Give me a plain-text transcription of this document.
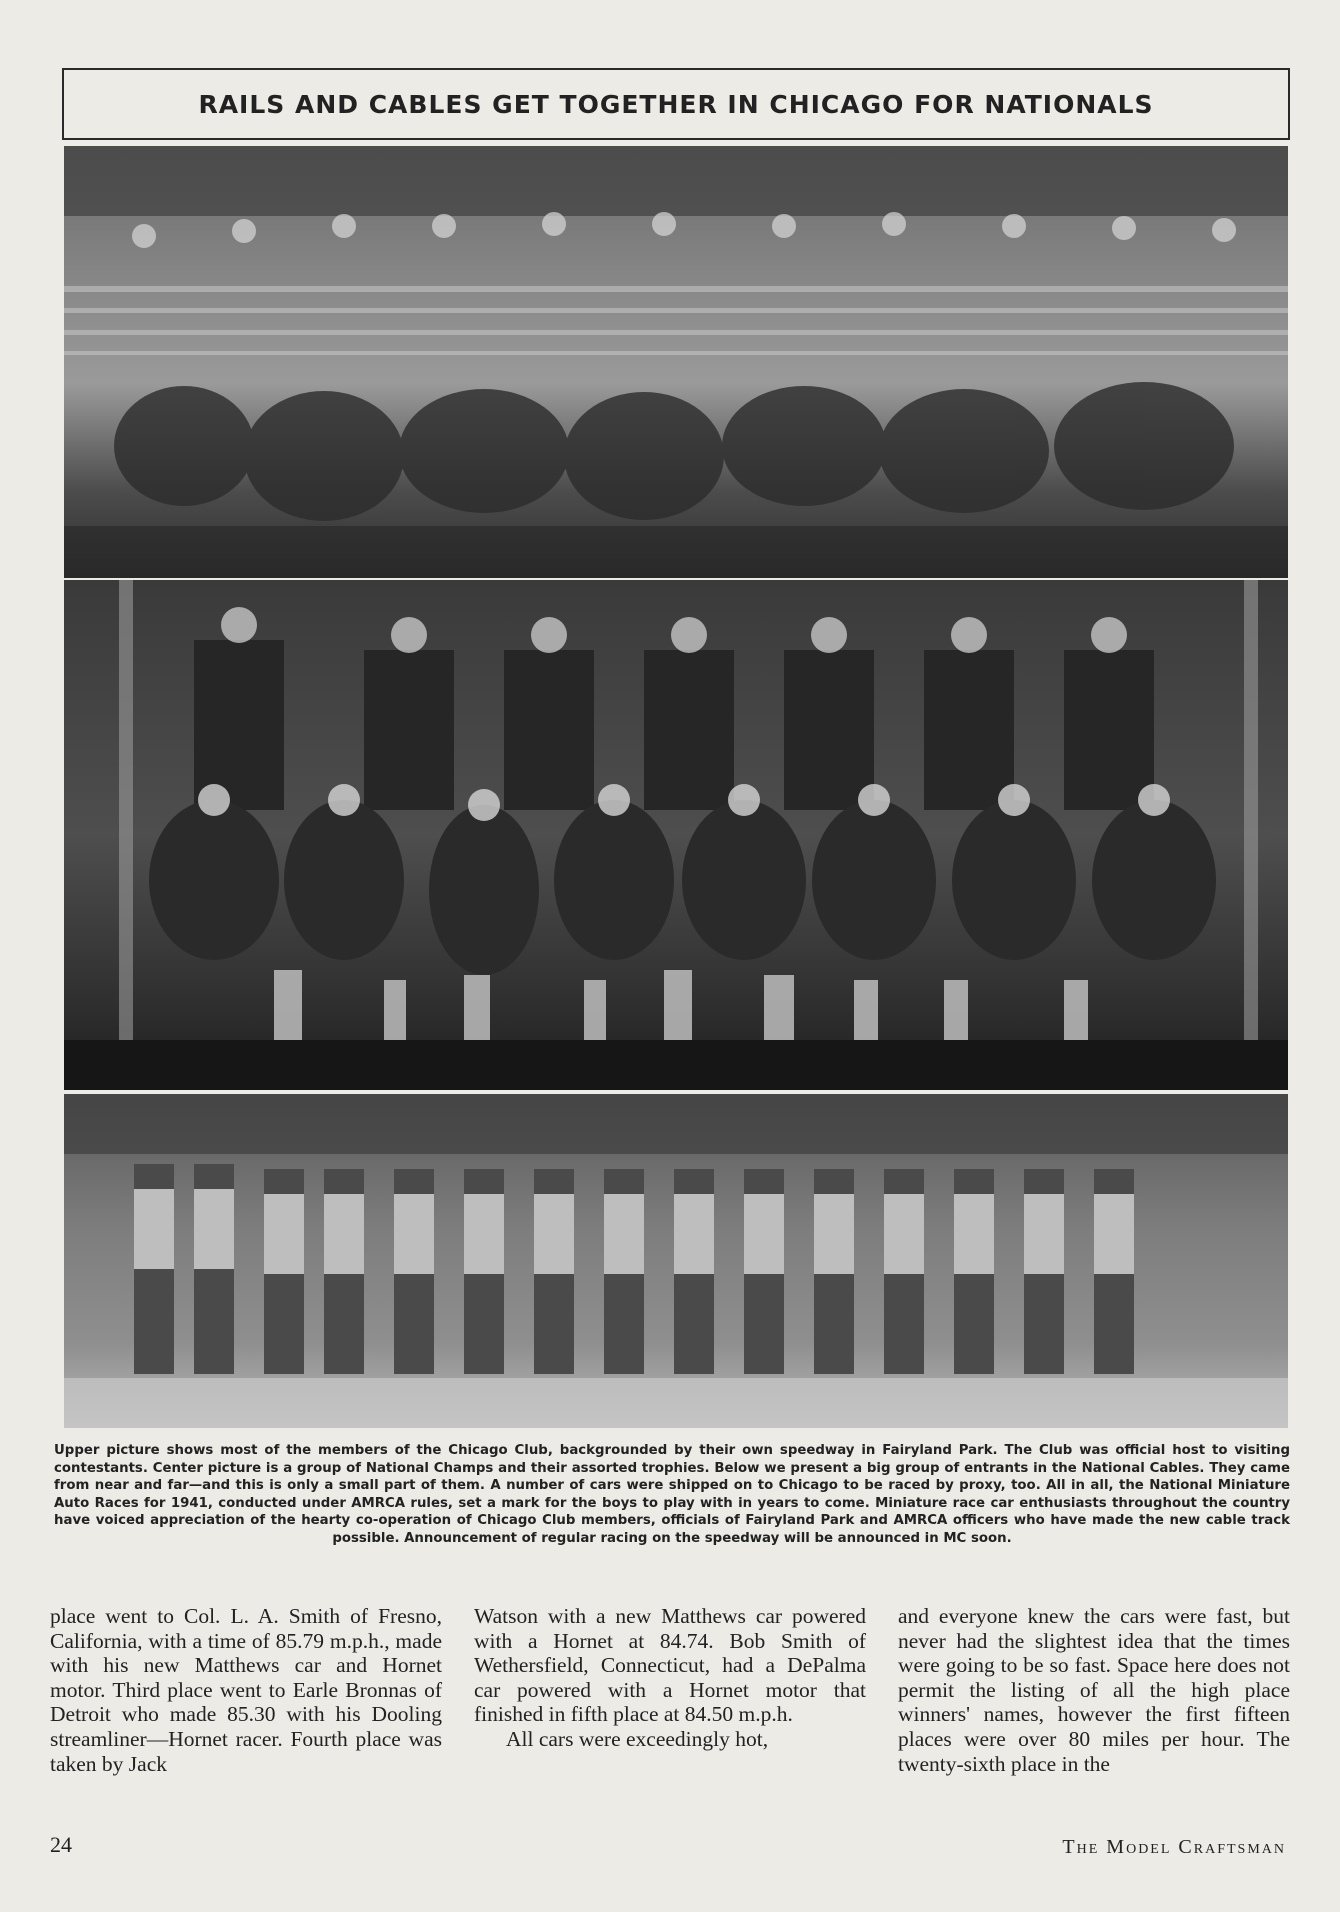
RAILS AND CABLES GET TOGETHER IN CHICAGO FOR NATIONALS
Upper picture shows most of the members of the Chicago Club, backgrounded by their own speedway in Fairyland Park. The Club was official host to visiting contestants. Center picture is a group of National Champs and their assorted trophies. Below we present a big group of entrants in the National Cables. They came from near and far—and this is only a small part of them. A number of cars were shipped on to Chicago to be raced by proxy, too. All in all, the National Miniature Auto Races for 1941, conducted under AMRCA rules, set a mark for the boys to play with in years to come. Miniature race car enthusiasts throughout the country have voiced appreciation of the hearty co-operation of Chicago Club members, officials of Fairyland Park and AMRCA officers who have made the new cable track possible. Announcement of regular racing on the speedway will be announced in MC soon.

place went to Col. L. A. Smith of Fresno, California, with a time of 85.79 m.p.h., made with his new Matthews car and Hornet motor. Third place went to Earle Bronnas of Detroit who made 85.30 with his Dooling streamliner—Hornet racer. Fourth place was taken by Jack

Watson with a new Matthews car powered with a Hornet at 84.74. Bob Smith of Wethersfield, Connecticut, had a DePalma car powered with a Hornet motor that finished in fifth place at 84.50 m.p.h.

All cars were exceedingly hot,

and everyone knew the cars were fast, but never had the slightest idea that the times were going to be so fast. Space here does not permit the listing of all the high place winners' names, however the first fifteen places were over 80 miles per hour. The twenty-sixth place in the

24	The Model Craftsman
